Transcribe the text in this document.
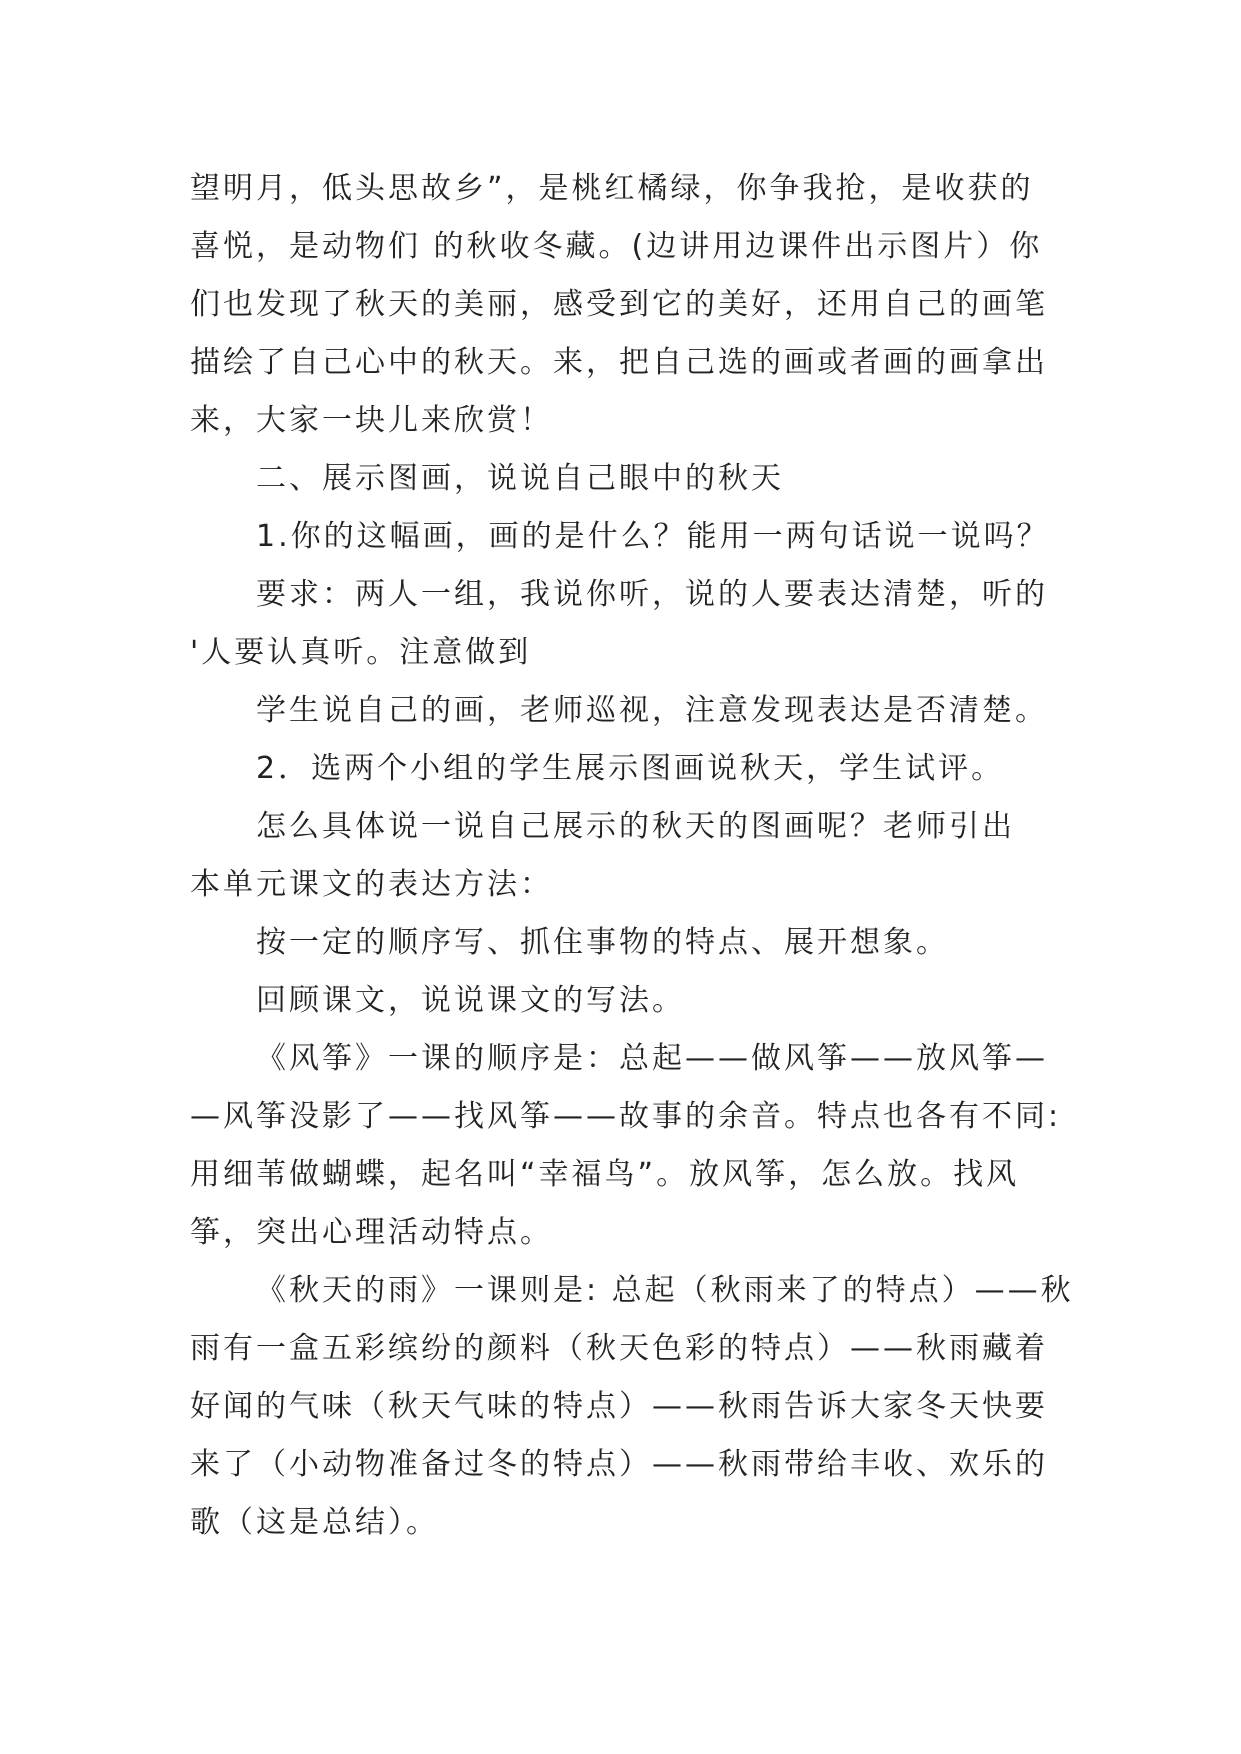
望明月，低头思故乡”，是桃红橘绿，你争我抢，是收获的
喜悦，是动物们 的秋收冬藏。(边讲用边课件出示图片）你
们也发现了秋天的美丽，感受到它的美好，还用自己的画笔
描绘了自己心中的秋天。来，把自己选的画或者画的画拿出
来，大家一块儿来欣赏！
二、展示图画，说说自己眼中的秋天
1.你的这幅画，画的是什么？能用一两句话说一说吗？
要求：两人一组，我说你听，说的人要表达清楚，听的
'人要认真听。注意做到
学生说自己的画，老师巡视，注意发现表达是否清楚。
2．选两个小组的学生展示图画说秋天，学生试评。
怎么具体说一说自己展示的秋天的图画呢？老师引出
本单元课文的表达方法：
按一定的顺序写、抓住事物的特点、展开想象。
回顾课文，说说课文的写法。
《风筝》一课的顺序是：总起——做风筝——放风筝—
—风筝没影了——找风筝——故事的余音。特点也各有不同:
用细苇做蝴蝶，起名叫“幸福鸟”。放风筝，怎么放。找风
筝，突出心理活动特点。
《秋天的雨》一课则是: 总起（秋雨来了的特点）——秋
雨有一盒五彩缤纷的颜料（秋天色彩的特点）——秋雨藏着
好闻的气味（秋天气味的特点）——秋雨告诉大家冬天快要
来了（小动物准备过冬的特点）——秋雨带给丰收、欢乐的
歌（这是总结）。
